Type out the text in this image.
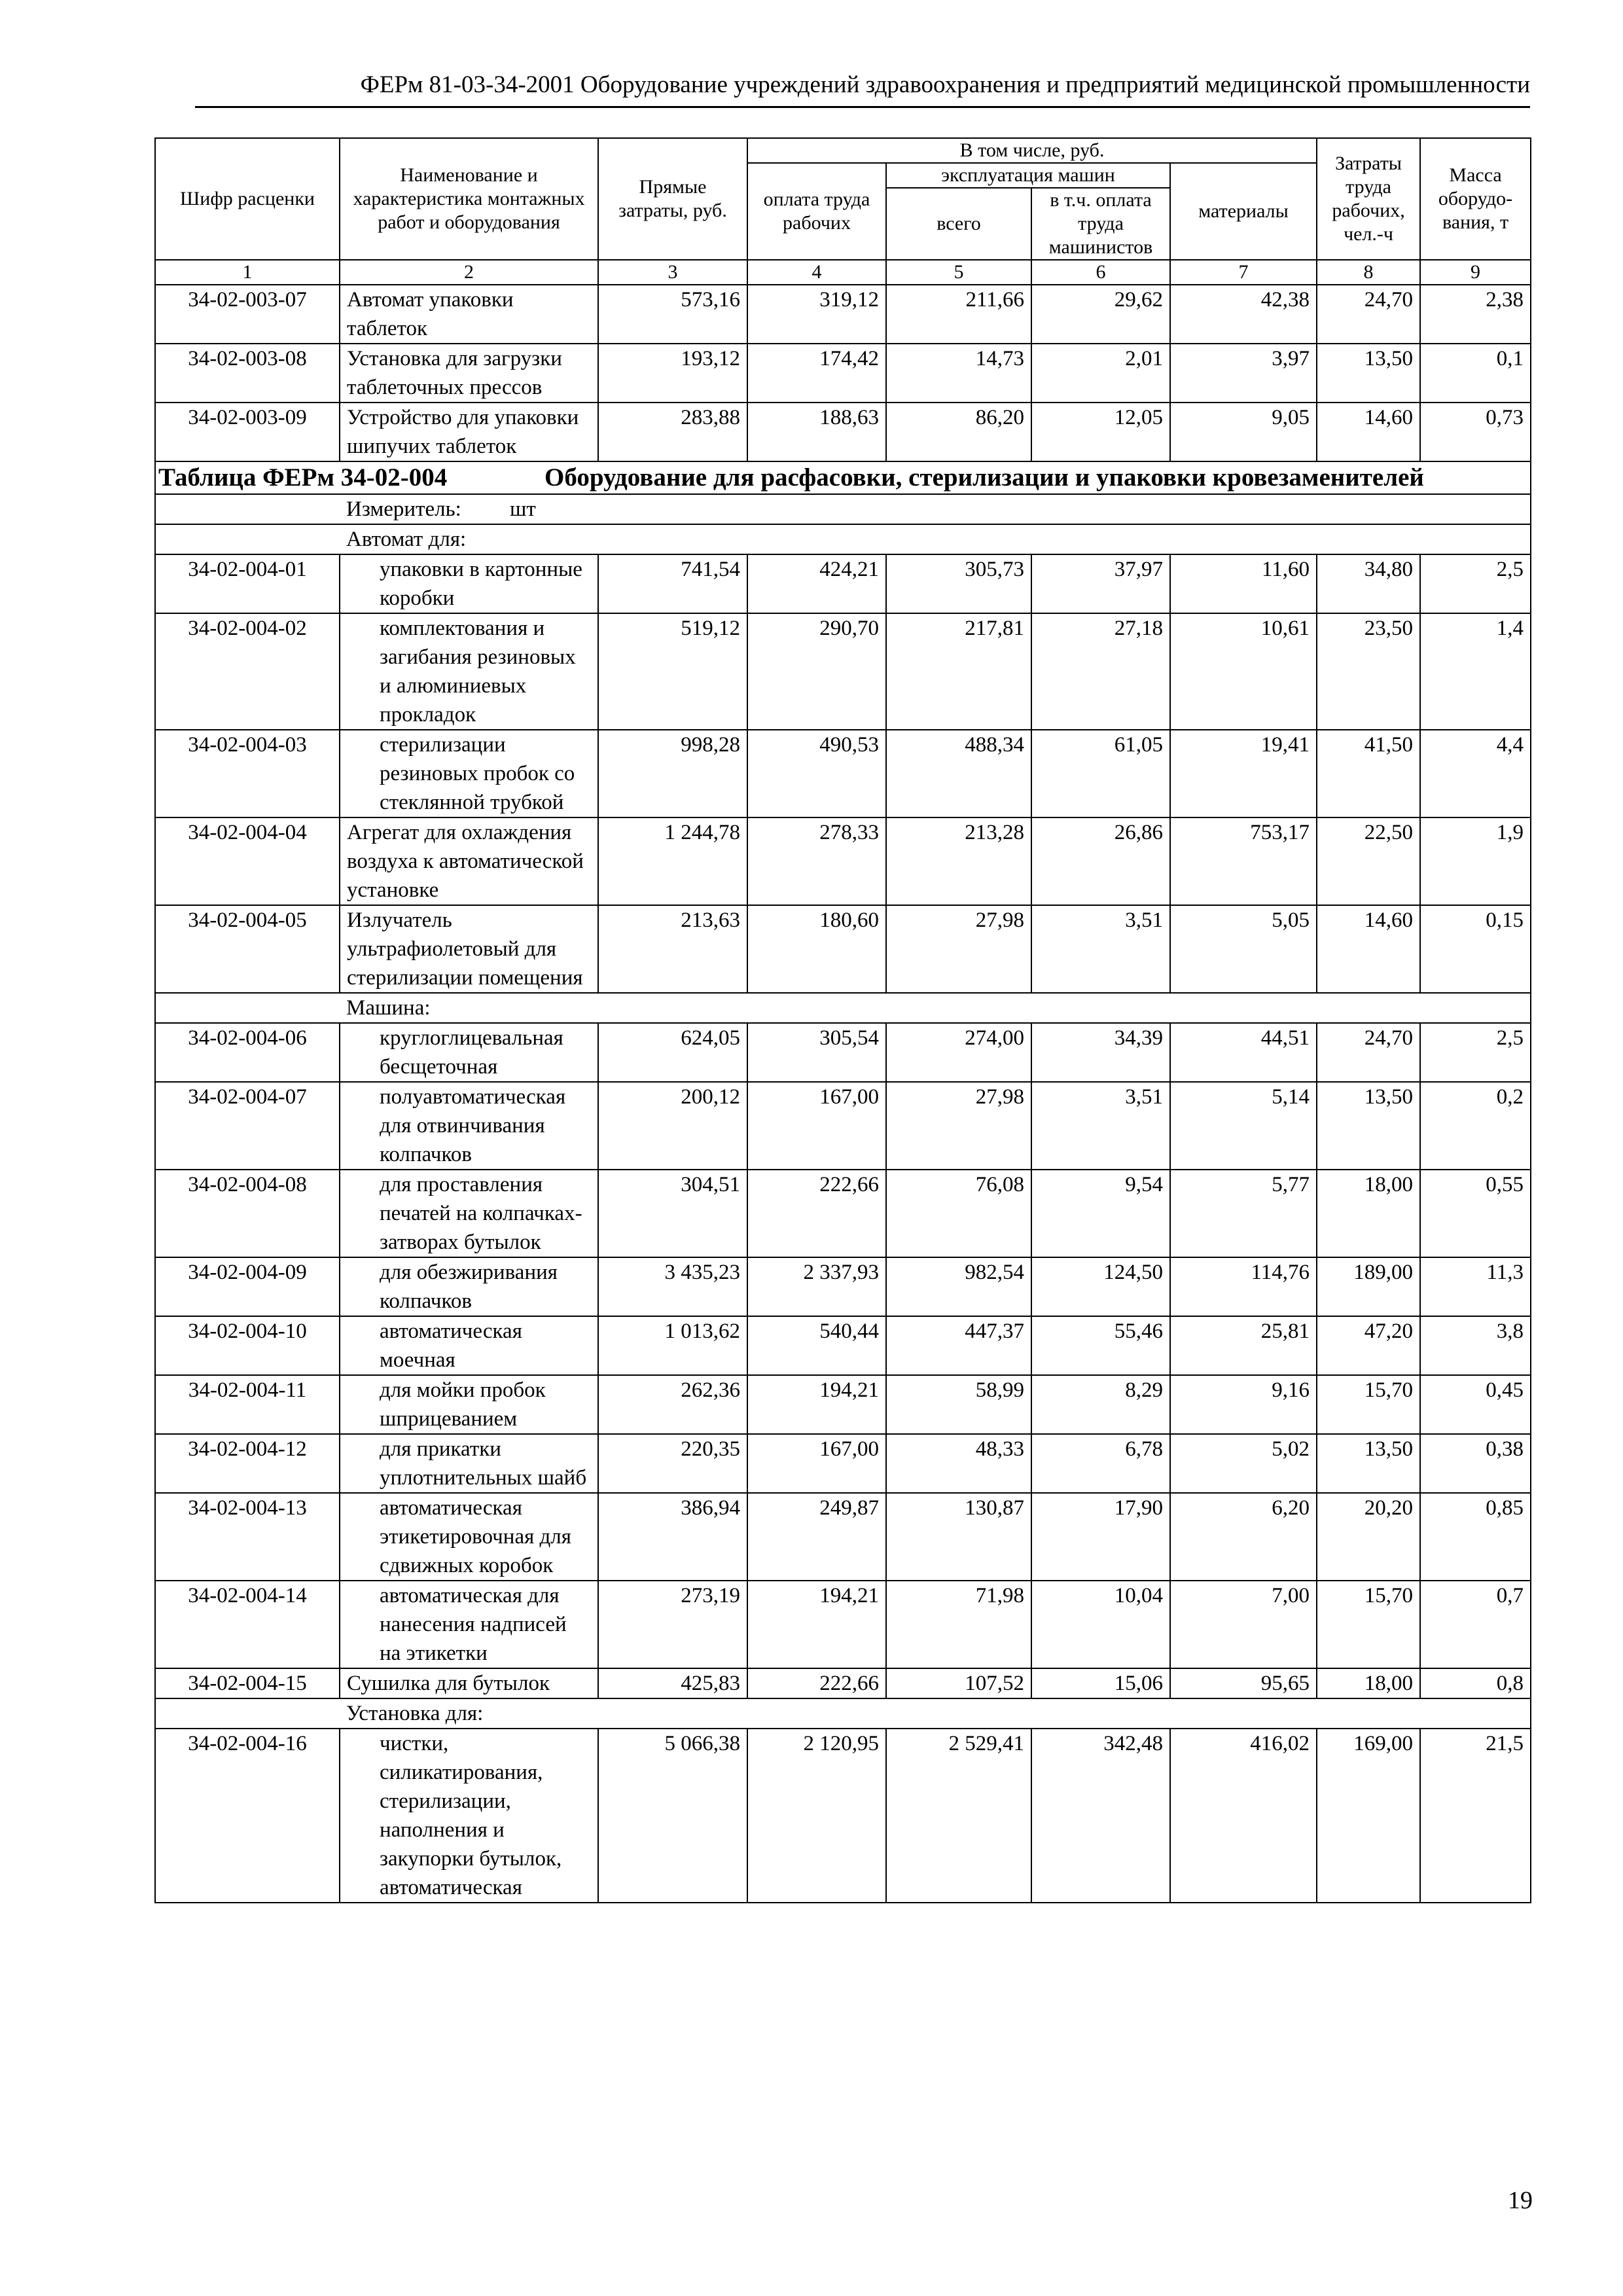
ФЕРм 81-03-34-2001 Оборудование учреждений здравоохранения и предприятий медицинской промышленности
Шифр расценки	Наименование и характеристика монтажных работ и оборудования	Прямые затраты, руб.	В том числе, руб.				Затраты труда рабочих, чел.-ч	Масса оборудо-вания, т
			оплата труда рабочих	эксплуатация машин		материалы		
				всего	в т.ч. оплата труда машинистов			
1	2	3	4	5	6	7	8	9
34-02-003-07	Автомат упаковки таблеток	573,16	319,12	211,66	29,62	42,38	24,70	2,38
34-02-003-08	Установка для загрузки таблеточных прессов	193,12	174,42	14,73	2,01	3,97	13,50	0,1
34-02-003-09	Устройство для упаковки шипучих таблеток	283,88	188,63	86,20	12,05	9,05	14,60	0,73
Таблица ФЕРм 34-02-004 Оборудование для расфасовки, стерилизации и упаковки кровезаменителей								
	Измеритель: шт							
	Автомат для:							
34-02-004-01	упаковки в картонные коробки	741,54	424,21	305,73	37,97	11,60	34,80	2,5
34-02-004-02	комплектования и загибания резиновых и алюминиевых прокладок	519,12	290,70	217,81	27,18	10,61	23,50	1,4
34-02-004-03	стерилизации резиновых пробок со стеклянной трубкой	998,28	490,53	488,34	61,05	19,41	41,50	4,4
34-02-004-04	Агрегат для охлаждения воздуха к автоматической установке	1 244,78	278,33	213,28	26,86	753,17	22,50	1,9
34-02-004-05	Излучатель ультрафиолетовый для стерилизации помещения	213,63	180,60	27,98	3,51	5,05	14,60	0,15
	Машина:							
34-02-004-06	круглоглицевальная бесщеточная	624,05	305,54	274,00	34,39	44,51	24,70	2,5
34-02-004-07	полуавтоматическая для отвинчивания колпачков	200,12	167,00	27,98	3,51	5,14	13,50	0,2
34-02-004-08	для проставления печатей на колпачках-затворах бутылок	304,51	222,66	76,08	9,54	5,77	18,00	0,55
34-02-004-09	для обезжиривания колпачков	3 435,23	2 337,93	982,54	124,50	114,76	189,00	11,3
34-02-004-10	автоматическая моечная	1 013,62	540,44	447,37	55,46	25,81	47,20	3,8
34-02-004-11	для мойки пробок шприцеванием	262,36	194,21	58,99	8,29	9,16	15,70	0,45
34-02-004-12	для прикатки уплотнительных шайб	220,35	167,00	48,33	6,78	5,02	13,50	0,38
34-02-004-13	автоматическая этикетировочная для сдвижных коробок	386,94	249,87	130,87	17,90	6,20	20,20	0,85
34-02-004-14	автоматическая для нанесения надписей на этикетки	273,19	194,21	71,98	10,04	7,00	15,70	0,7
34-02-004-15	Сушилка для бутылок	425,83	222,66	107,52	15,06	95,65	18,00	0,8
	Установка для:							
34-02-004-16	чистки, силикатирования, стерилизации, наполнения и закупорки бутылок, автоматическая	5 066,38	2 120,95	2 529,41	342,48	416,02	169,00	21,5
19
